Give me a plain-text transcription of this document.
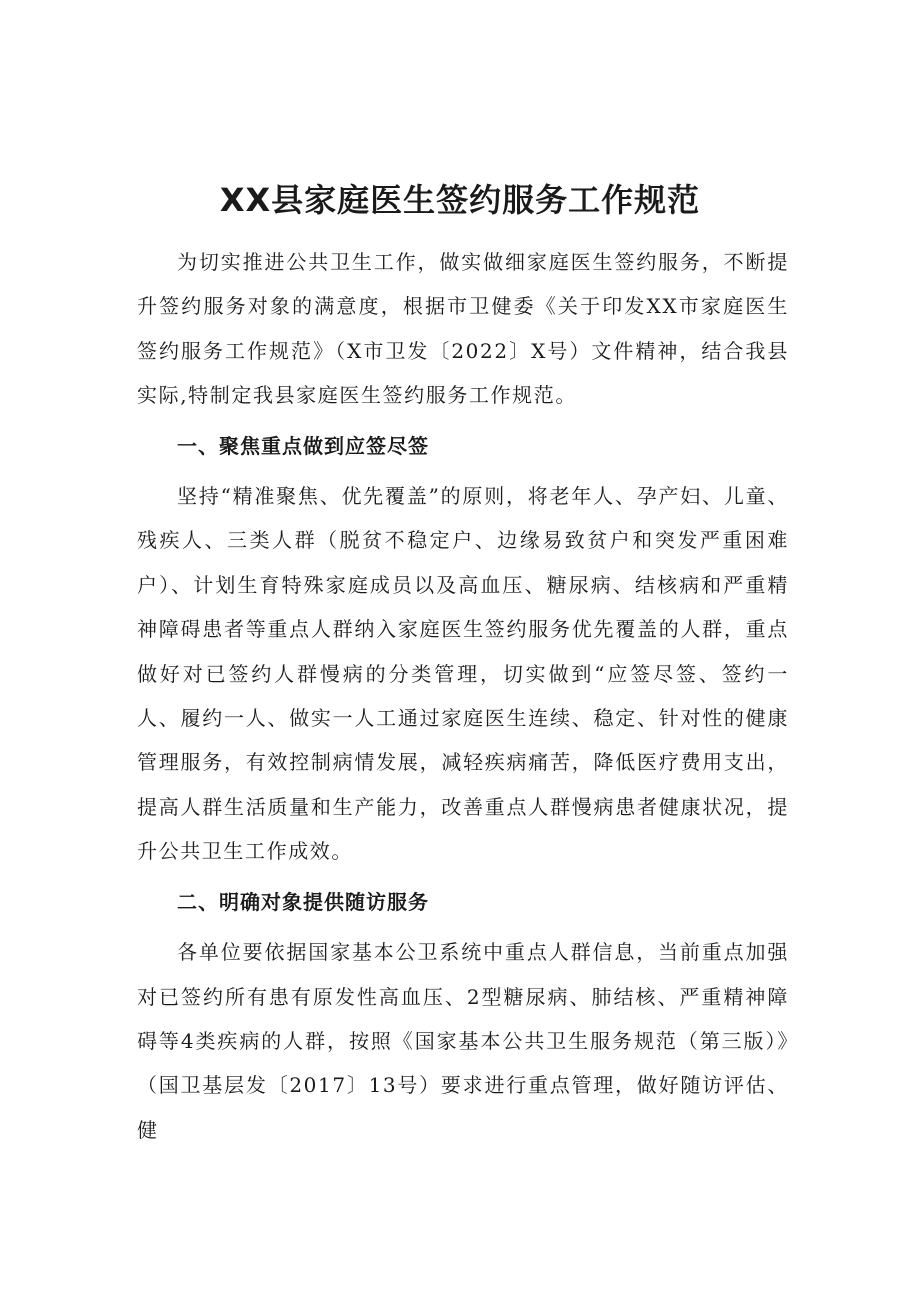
XX县家庭医生签约服务工作规范

为切实推进公共卫生工作，做实做细家庭医生签约服务，不断提升签约服务对象的满意度，根据市卫健委《关于印发XX市家庭医生签约服务工作规范》（X市卫发〔2022〕X号）文件精神，结合我县实际,特制定我县家庭医生签约服务工作规范。

一、聚焦重点做到应签尽签

坚持“精准聚焦、优先覆盖”的原则，将老年人、孕产妇、儿童、残疾人、三类人群（脱贫不稳定户、边缘易致贫户和突发严重困难户）、计划生育特殊家庭成员以及高血压、糖尿病、结核病和严重精神障碍患者等重点人群纳入家庭医生签约服务优先覆盖的人群，重点做好对已签约人群慢病的分类管理，切实做到“应签尽签、签约一人、履约一人、做实一人工通过家庭医生连续、稳定、针对性的健康管理服务，有效控制病情发展，减轻疾病痛苦，降低医疗费用支出，提高人群生活质量和生产能力，改善重点人群慢病患者健康状况，提升公共卫生工作成效。

二、明确对象提供随访服务

各单位要依据国家基本公卫系统中重点人群信息，当前重点加强对已签约所有患有原发性高血压、2型糖尿病、肺结核、严重精神障碍等4类疾病的人群，按照《国家基本公共卫生服务规范（第三版）》（国卫基层发〔2017〕13号）要求进行重点管理，做好随访评估、健
